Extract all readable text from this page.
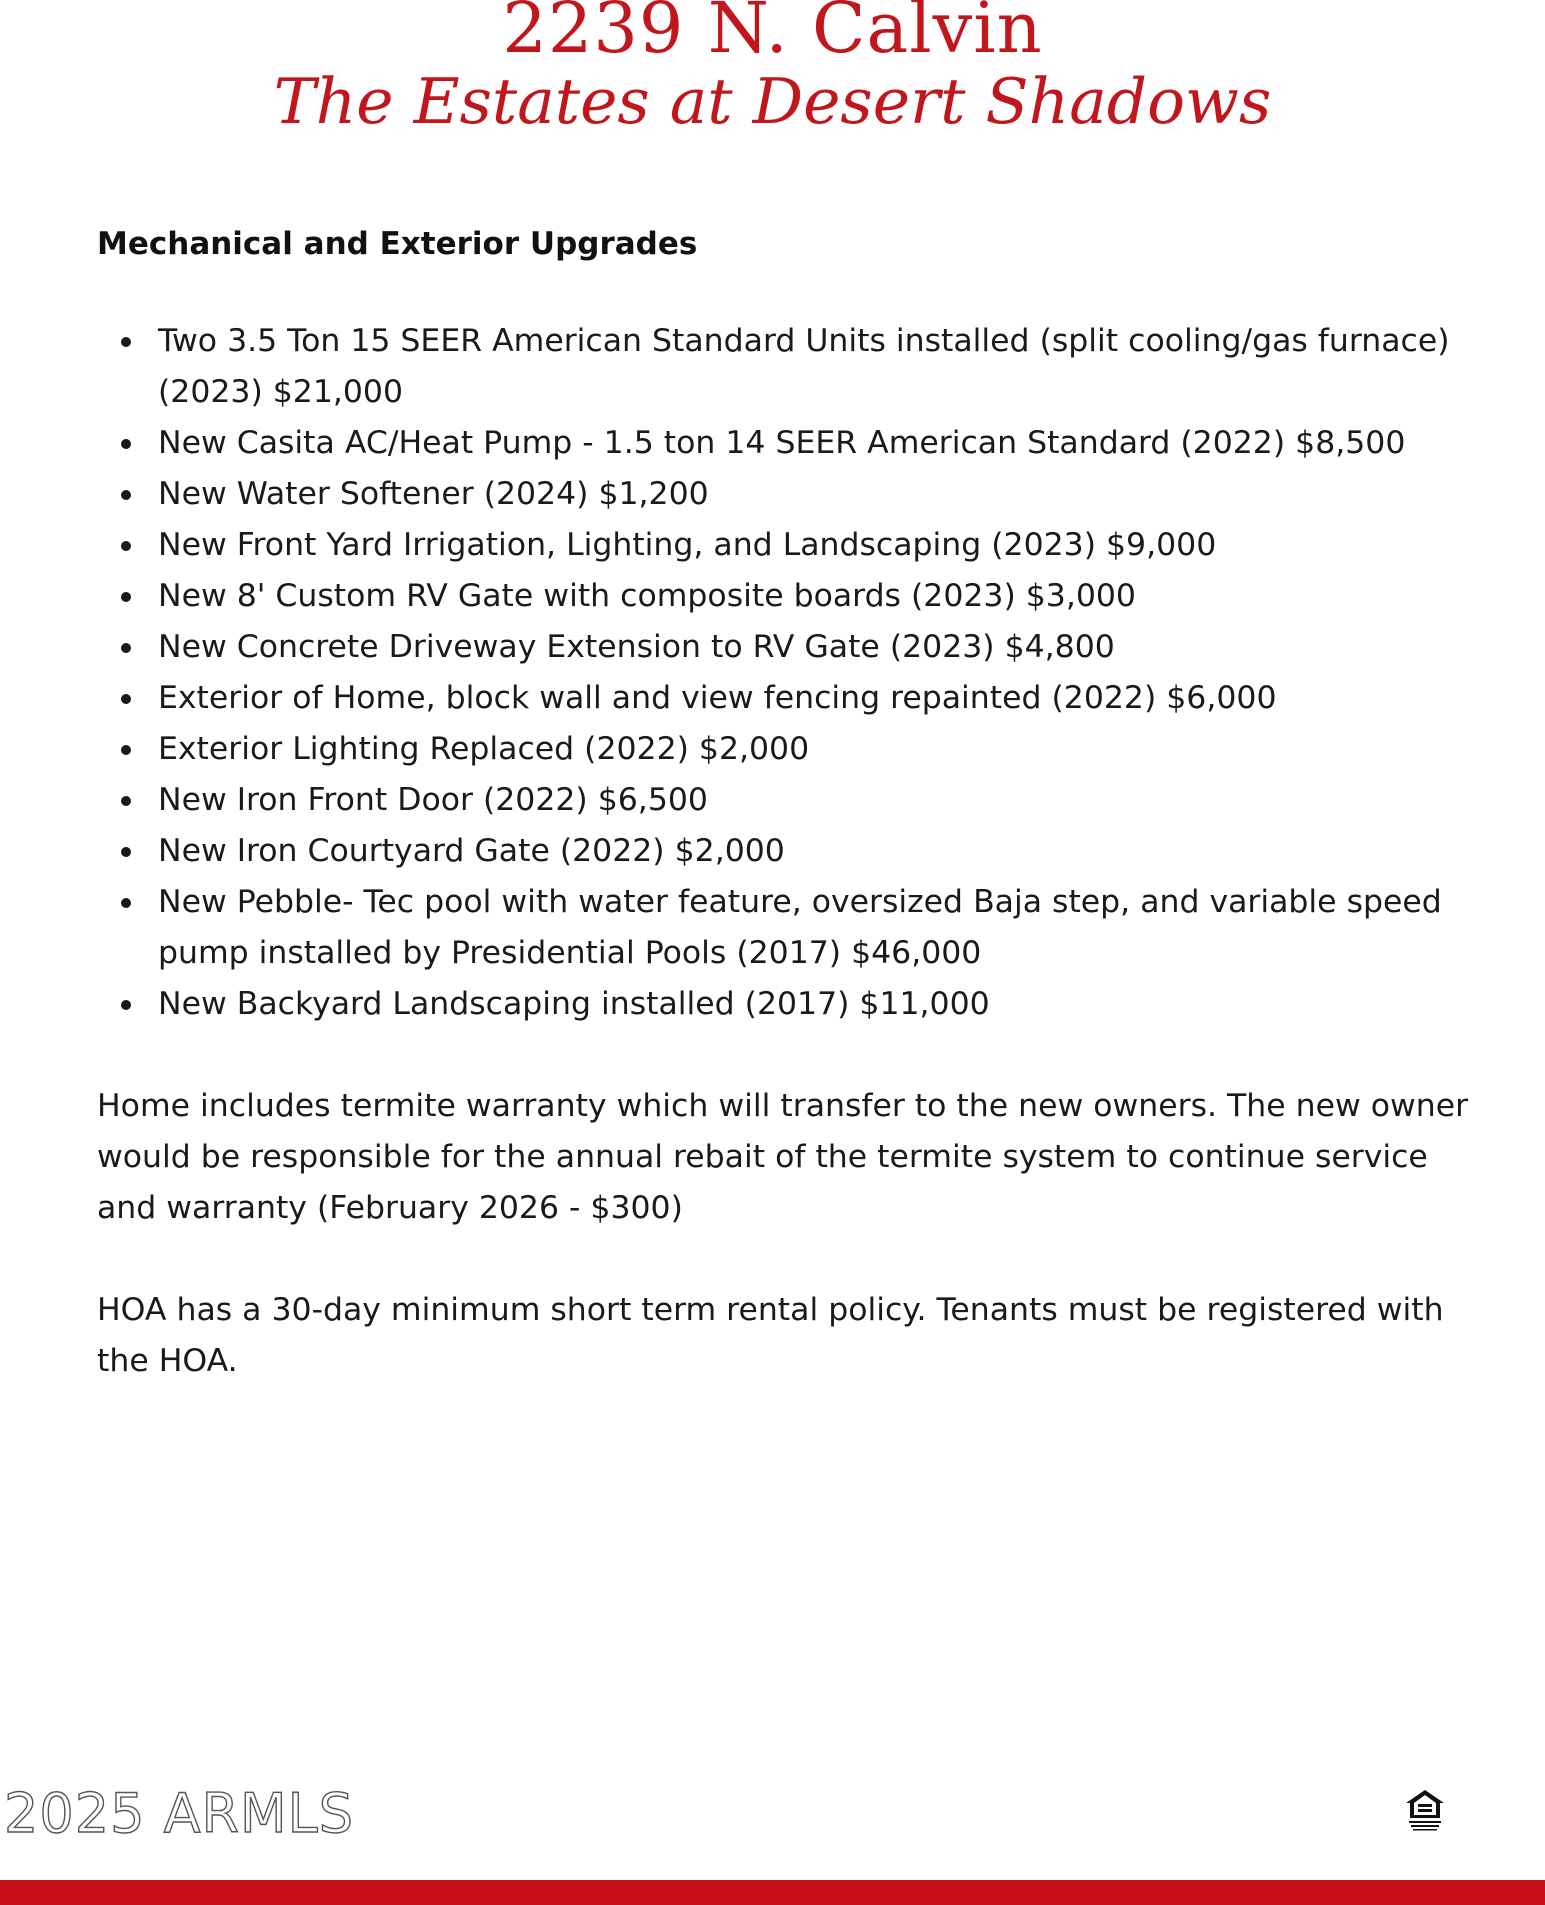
2239 N. Calvin
The Estates at Desert Shadows
Mechanical and Exterior Upgrades
Two 3.5 Ton 15 SEER American Standard Units installed (split cooling/gas furnace) (2023) $21,000
New Casita AC/Heat Pump - 1.5 ton 14 SEER American Standard (2022) $8,500
New Water Softener (2024) $1,200
New Front Yard Irrigation, Lighting, and Landscaping (2023) $9,000
New 8' Custom RV Gate with composite boards (2023) $3,000
New Concrete Driveway Extension to RV Gate (2023) $4,800
Exterior of Home, block wall and view fencing repainted (2022) $6,000
Exterior Lighting Replaced (2022) $2,000
New Iron Front Door (2022) $6,500
New Iron Courtyard Gate (2022) $2,000
New Pebble- Tec pool with water feature, oversized Baja step, and variable speed pump installed by Presidential Pools (2017) $46,000
New Backyard Landscaping installed (2017) $11,000

Home includes termite warranty which will transfer to the new owners. The new owner would be responsible for the annual rebait of the termite system to continue service and warranty (February 2026 - $300)

HOA has a 30-day minimum short term rental policy. Tenants must be registered with the HOA.

2025 ARMLS
